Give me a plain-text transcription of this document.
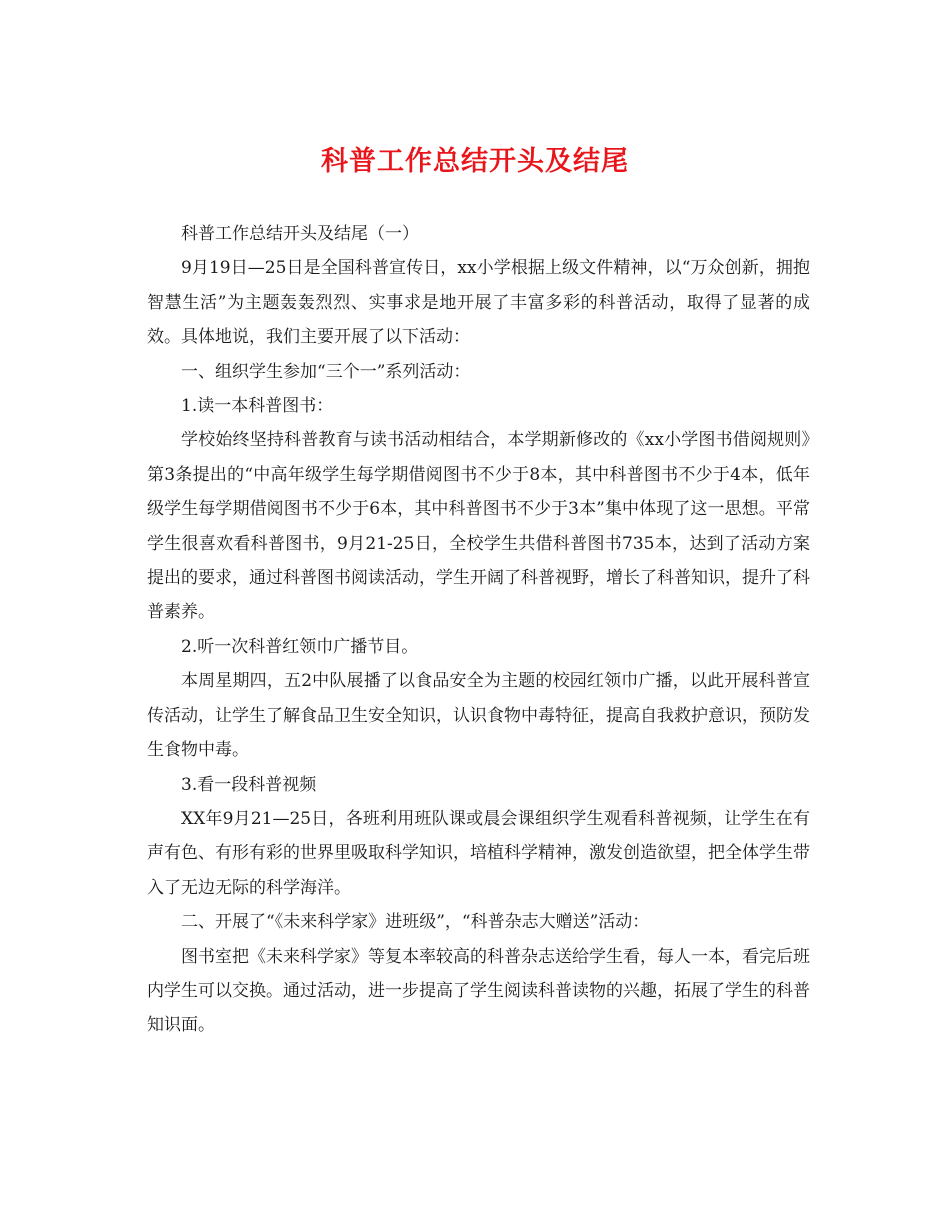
科普工作总结开头及结尾

科普工作总结开头及结尾（一）

9月19日—25日是全国科普宣传日，xx小学根据上级文件精神，以“万众创新，拥抱智慧生活”为主题轰轰烈烈、实事求是地开展了丰富多彩的科普活动，取得了显著的成效。具体地说，我们主要开展了以下活动：

一、组织学生参加“三个一”系列活动：

1.读一本科普图书：

学校始终坚持科普教育与读书活动相结合，本学期新修改的《xx小学图书借阅规则》第3条提出的“中高年级学生每学期借阅图书不少于8本，其中科普图书不少于4本，低年级学生每学期借阅图书不少于6本，其中科普图书不少于3本”集中体现了这一思想。平常学生很喜欢看科普图书，9月21-25日，全校学生共借科普图书735本，达到了活动方案提出的要求，通过科普图书阅读活动，学生开阔了科普视野，增长了科普知识，提升了科普素养。

2.听一次科普红领巾广播节目。

本周星期四，五2中队展播了以食品安全为主题的校园红领巾广播，以此开展科普宣传活动，让学生了解食品卫生安全知识，认识食物中毒特征，提高自我救护意识，预防发生食物中毒。

3.看一段科普视频

XX年9月21—25日，各班利用班队课或晨会课组织学生观看科普视频，让学生在有声有色、有形有彩的世界里吸取科学知识，培植科学精神，激发创造欲望，把全体学生带入了无边无际的科学海洋。

二、开展了“《未来科学家》进班级”，“科普杂志大赠送”活动：

图书室把《未来科学家》等复本率较高的科普杂志送给学生看，每人一本，看完后班内学生可以交换。通过活动，进一步提高了学生阅读科普读物的兴趣，拓展了学生的科普知识面。
